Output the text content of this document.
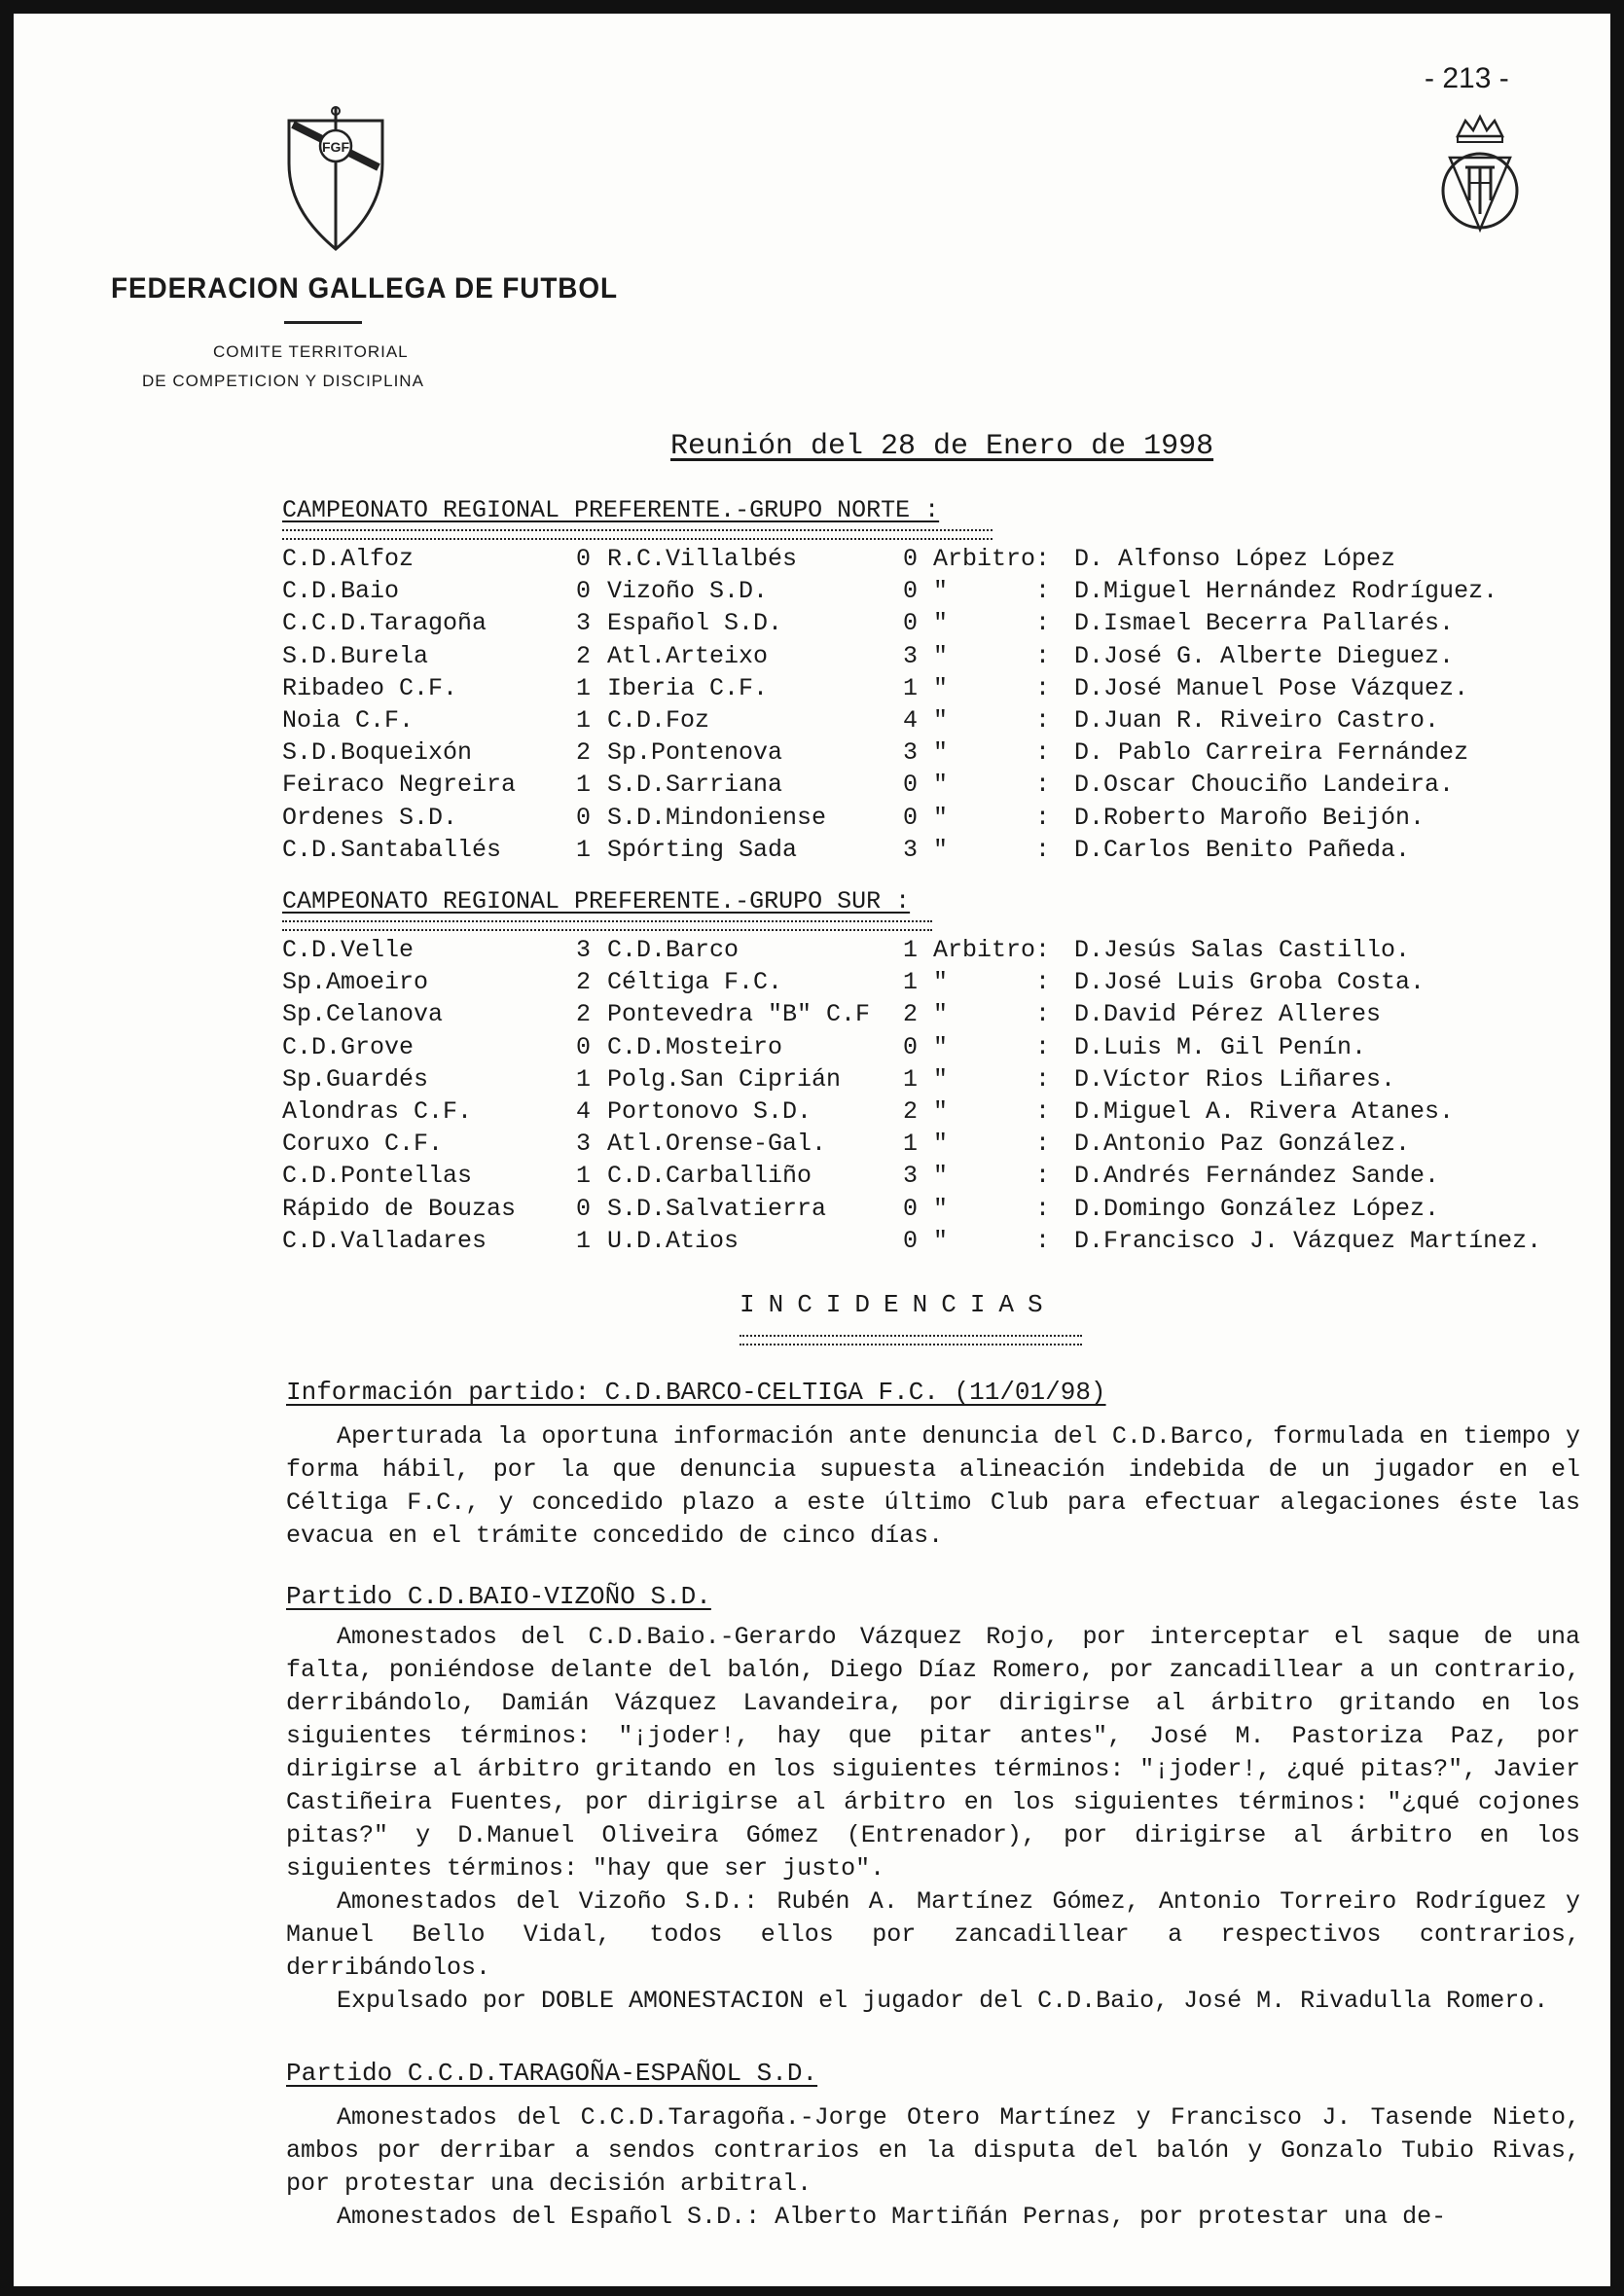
- 213 -
FGF
FEDERACION GALLEGA DE FUTBOL
COMITE TERRITORIAL
DE COMPETICION Y DISCIPLINA
Reunión del 28 de Enero de 1998
CAMPEONATO REGIONAL PREFERENTE.-GRUPO NORTE :
C.D.Alfoz	0 R.C.Villalbés	0 Arbitro : D. Alfonso López López
C.D.Baio	0 Vizoño S.D.	0 "	: D.Miguel Hernández Rodríguez.
C.C.D.Taragoña	3 Español S.D.	0 "	: D.Ismael Becerra Pallarés.
S.D.Burela	2 Atl.Arteixo	3 "	: D.José G. Alberte Dieguez.
Ribadeo C.F.	1 Iberia C.F.	1 "	: D.José Manuel Pose Vázquez.
Noia C.F.	1 C.D.Foz	4 "	: D.Juan R. Riveiro Castro.
S.D.Boqueixón	2 Sp.Pontenova	3 "	: D. Pablo Carreira Fernández
Feiraco Negreira 1 S.D.Sarriana	0 "	: D.Oscar Chouciño Landeira.
Ordenes S.D.	0 S.D.Mindoniense	0 "	: D.Roberto Maroño Beijón.
C.D.Santaballés	1 Spórting Sada	3 "	: D.Carlos Benito Pañeda.
CAMPEONATO REGIONAL PREFERENTE.-GRUPO SUR :
C.D.Velle	3 C.D.Barco	1 Arbitro : D.Jesús Salas Castillo.
Sp.Amoeiro	2 Céltiga F.C.	1 "	: D.José Luis Groba Costa.
Sp.Celanova	2 Pontevedra "B" C.F 2 "	: D.David Pérez Alleres
C.D.Grove	0 C.D.Mosteiro	0 "	: D.Luis M. Gil Penín.
Sp.Guardés	1 Polg.San Ciprián	1 "	: D.Víctor Rios Liñares.
Alondras C.F.	4 Portonovo S.D.	2 "	: D.Miguel A. Rivera Atanes.
Coruxo C.F.	3 Atl.Orense-Gal.	1 "	: D.Antonio Paz González.
C.D.Pontellas	1 C.D.Carballiño	3 "	: D.Andrés Fernández Sande.
Rápido de Bouzas 0 S.D.Salvatierra	0 "	: D.Domingo González López.
C.D.Valladares	1 U.D.Atios	0 "	: D.Francisco J. Vázquez Martínez.
INCIDENCIAS
Información partido: C.D.BARCO-CELTIGA F.C. (11/01/98)
Aperturada la oportuna información ante denuncia del C.D.Barco, formulada en tiempo y forma hábil, por la que denuncia supuesta alineación indebida de un jugador en el Céltiga F.C., y concedido plazo a este último Club para efectuar alegaciones éste las evacua en el trámite concedido de cinco días.
Partido C.D.BAIO-VIZOÑO S.D.
Amonestados del C.D.Baio.-Gerardo Vázquez Rojo, por interceptar el saque de una falta, poniéndose delante del balón, Diego Díaz Romero, por zancadillear a un contrario, derribándolo, Damián Vázquez Lavandeira, por dirigirse al árbitro gritando en los siguientes términos: "¡joder!, hay que pitar antes", José M. Pastoriza Paz, por dirigirse al árbitro gritando en los siguientes términos: "¡joder!, ¿qué pitas?", Javier Castiñeira Fuentes, por dirigirse al árbitro en los siguientes términos: "¿qué cojones pitas?" y D.Manuel Oliveira Gómez (Entrenador), por dirigirse al árbitro en los siguientes términos: "hay que ser justo".
Amonestados del Vizoño S.D.: Rubén A. Martínez Gómez, Antonio Torreiro Rodríguez y Manuel Bello Vidal, todos ellos por zancadillear a respectivos contrarios, derribándolos.
Expulsado por DOBLE AMONESTACION el jugador del C.D.Baio, José M. Rivadulla Romero.
Partido C.C.D.TARAGOÑA-ESPAÑOL S.D.
Amonestados del C.C.D.Taragoña.-Jorge Otero Martínez y Francisco J. Tasende Nieto, ambos por derribar a sendos contrarios en la disputa del balón y Gonzalo Tubio Rivas, por protestar una decisión arbitral.
Amonestados del Español S.D.: Alberto Martiñán Pernas, por protestar una de-
